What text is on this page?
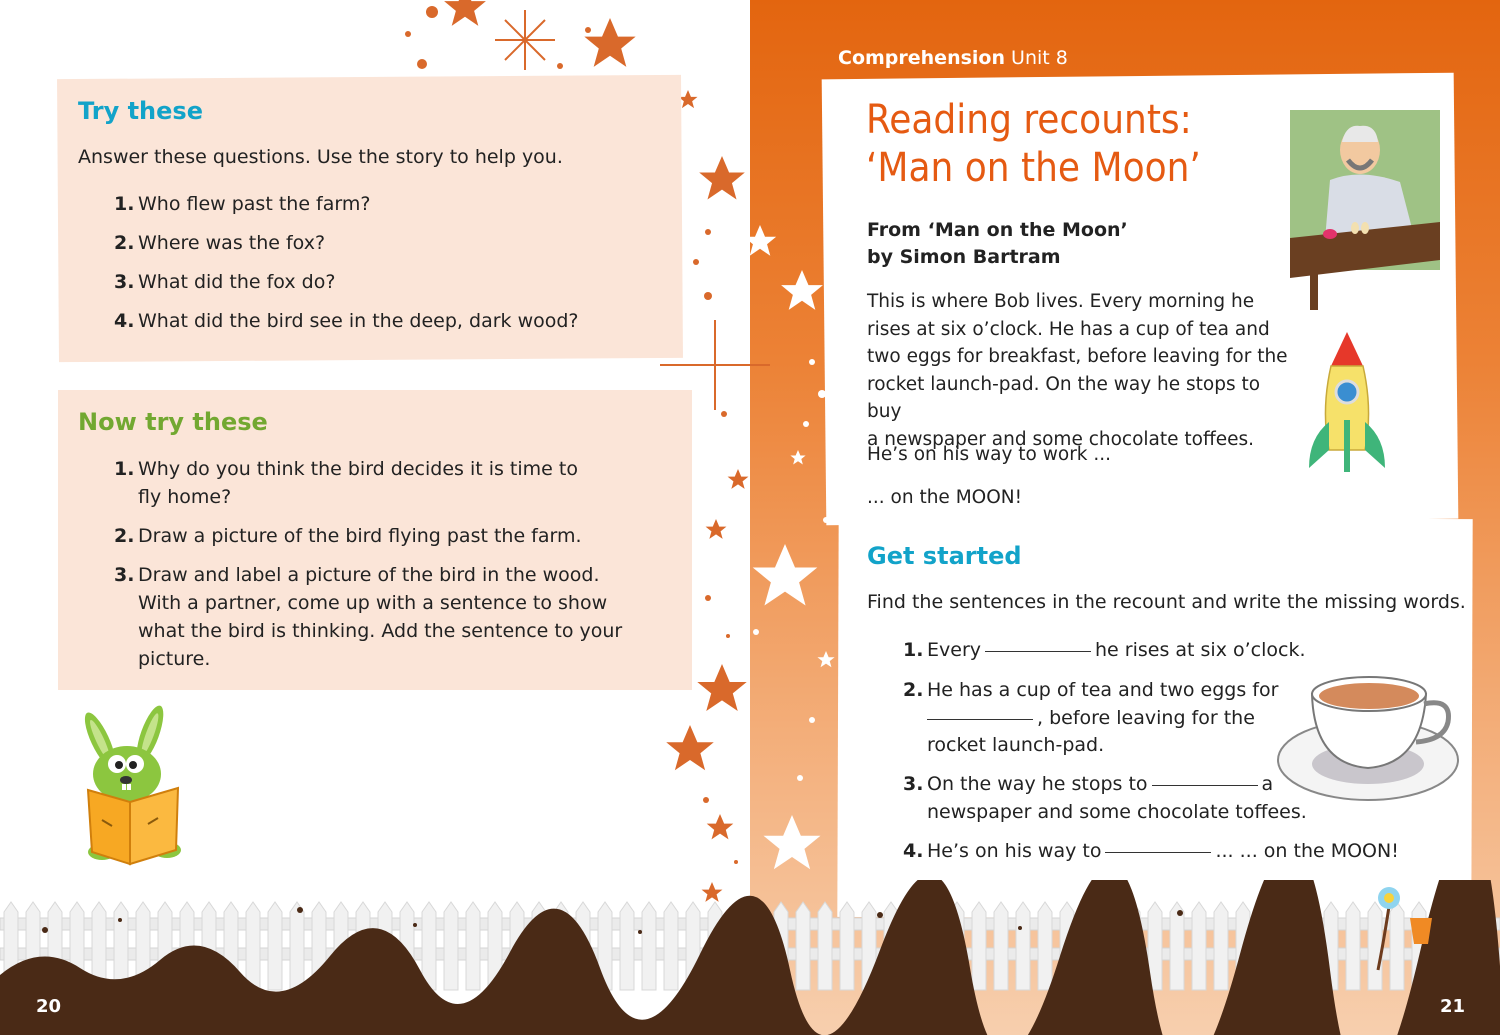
Try these
Answer these questions. Use the story to help you.
1. Who flew past the farm?
2. Where was the fox?
3. What did the fox do?
4. What did the bird see in the deep, dark wood?
Now try these
1. Why do you think the bird decides it is time to
fly home?
2. Draw a picture of the bird flying past the farm.
3. Draw and label a picture of the bird in the wood.
With a partner, come up with a sentence to show
what the bird is thinking. Add the sentence to your
picture.
Comprehension Unit 8
Reading recounts:
‘Man on the Moon’
From ‘Man on the Moon’
by Simon Bartram
This is where Bob lives. Every morning he
rises at six o’clock. He has a cup of tea and
two eggs for breakfast, before leaving for the
rocket launch-pad. On the way he stops to buy
a newspaper and some chocolate toffees.
He’s on his way to work ...
... on the MOON!
Get started
Find the sentences in the recount and write the missing words.
1. Every	he rises at six o’clock.
2. He has a cup of tea and two eggs for
, before leaving for the
rocket launch-pad.
3. On the way he stops to	a
newspaper and some chocolate toffees.
4. He’s on his way to	... ... on the MOON!
20	21
